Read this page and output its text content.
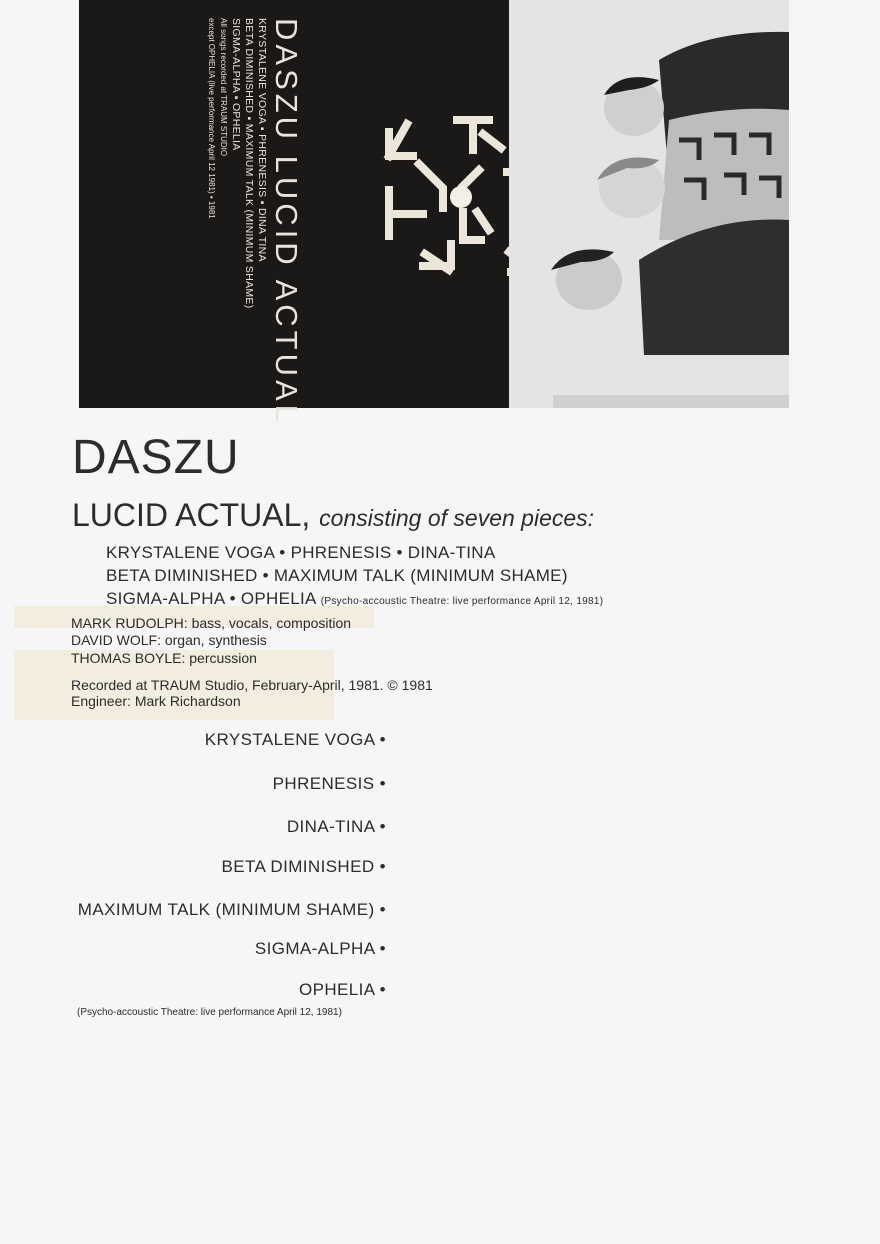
DASZU LUCID ACTUAL
KRYSTALENE VOGA ▪ PHRENESIS ▪ DINA TINA
BETA DIMINISHED ▪ MAXIMUM TALK (MINIMUM SHAME)
SIGMA-ALPHA ▪ OPHELIA
All songs recorded at TRAUM STUDIO
except OPHELIA (live performance April 12 1981) ▪ 1981
DASZU
LUCID ACTUAL, consisting of seven pieces:
KRYSTALENE VOGA • PHRENESIS • DINA-TINA
BETA DIMINISHED • MAXIMUM TALK (MINIMUM SHAME)
SIGMA-ALPHA • OPHELIA (Psycho-accoustic Theatre: live performance April 12, 1981)
MARK RUDOLPH: bass, vocals, composition
DAVID WOLF: organ, synthesis
THOMAS BOYLE: percussion
Recorded at TRAUM Studio, February-April, 1981. © 1981
Engineer: Mark Richardson
KRYSTALENE VOGA •
PHRENESIS •
DINA-TINA •
BETA DIMINISHED •
MAXIMUM TALK (MINIMUM SHAME) •
SIGMA-ALPHA •
OPHELIA •
(Psycho-accoustic Theatre: live performance April 12, 1981)
